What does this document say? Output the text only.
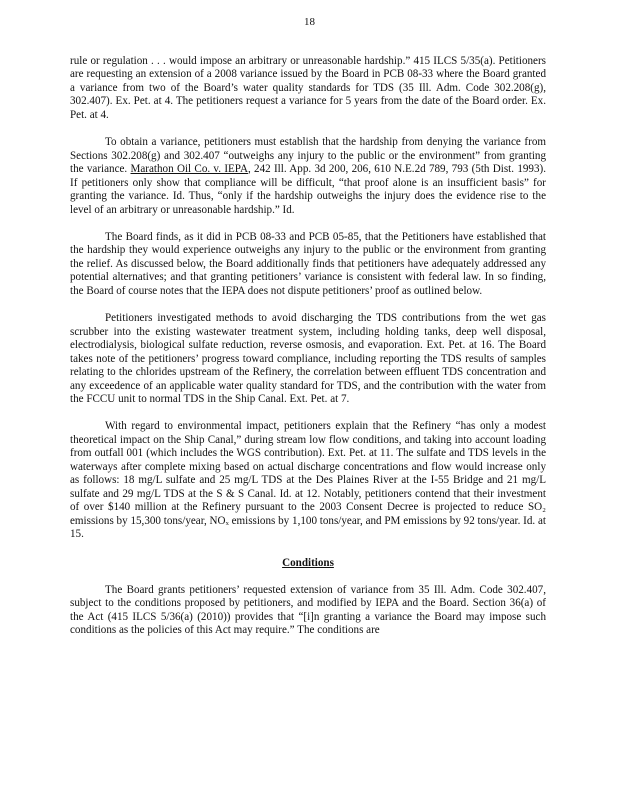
18

rule or regulation . . . would impose an arbitrary or unreasonable hardship.” 415 ILCS 5/35(a). Petitioners are requesting an extension of a 2008 variance issued by the Board in PCB 08-33 where the Board granted a variance from two of the Board’s water quality standards for TDS (35 Ill. Adm. Code 302.208(g), 302.407). Ex. Pet. at 4. The petitioners request a variance for 5 years from the date of the Board order. Ex. Pet. at 4.

To obtain a variance, petitioners must establish that the hardship from denying the variance from Sections 302.208(g) and 302.407 “outweighs any injury to the public or the environment” from granting the variance. Marathon Oil Co. v. IEPA, 242 Ill. App. 3d 200, 206, 610 N.E.2d 789, 793 (5th Dist. 1993). If petitioners only show that compliance will be difficult, “that proof alone is an insufficient basis” for granting the variance. Id. Thus, “only if the hardship outweighs the injury does the evidence rise to the level of an arbitrary or unreasonable hardship.” Id.

The Board finds, as it did in PCB 08-33 and PCB 05-85, that the Petitioners have established that the hardship they would experience outweighs any injury to the public or the environment from granting the relief. As discussed below, the Board additionally finds that petitioners have adequately addressed any potential alternatives; and that granting petitioners’ variance is consistent with federal law. In so finding, the Board of course notes that the IEPA does not dispute petitioners’ proof as outlined below.

Petitioners investigated methods to avoid discharging the TDS contributions from the wet gas scrubber into the existing wastewater treatment system, including holding tanks, deep well disposal, electrodialysis, biological sulfate reduction, reverse osmosis, and evaporation. Ext. Pet. at 16. The Board takes note of the petitioners’ progress toward compliance, including reporting the TDS results of samples relating to the chlorides upstream of the Refinery, the correlation between effluent TDS concentration and any exceedence of an applicable water quality standard for TDS, and the contribution with the water from the FCCU unit to normal TDS in the Ship Canal. Ext. Pet. at 7.

With regard to environmental impact, petitioners explain that the Refinery “has only a modest theoretical impact on the Ship Canal,” during stream low flow conditions, and taking into account loading from outfall 001 (which includes the WGS contribution). Ext. Pet. at 11. The sulfate and TDS levels in the waterways after complete mixing based on actual discharge concentrations and flow would increase only as follows: 18 mg/L sulfate and 25 mg/L TDS at the Des Plaines River at the I-55 Bridge and 21 mg/L sulfate and 29 mg/L TDS at the S & S Canal. Id. at 12. Notably, petitioners contend that their investment of over $140 million at the Refinery pursuant to the 2003 Consent Decree is projected to reduce SO₂ emissions by 15,300 tons/year, NOₓ emissions by 1,100 tons/year, and PM emissions by 92 tons/year. Id. at 15.

Conditions

The Board grants petitioners’ requested extension of variance from 35 Ill. Adm. Code 302.407, subject to the conditions proposed by petitioners, and modified by IEPA and the Board. Section 36(a) of the Act (415 ILCS 5/36(a) (2010)) provides that “[i]n granting a variance the Board may impose such conditions as the policies of this Act may require.” The conditions are
